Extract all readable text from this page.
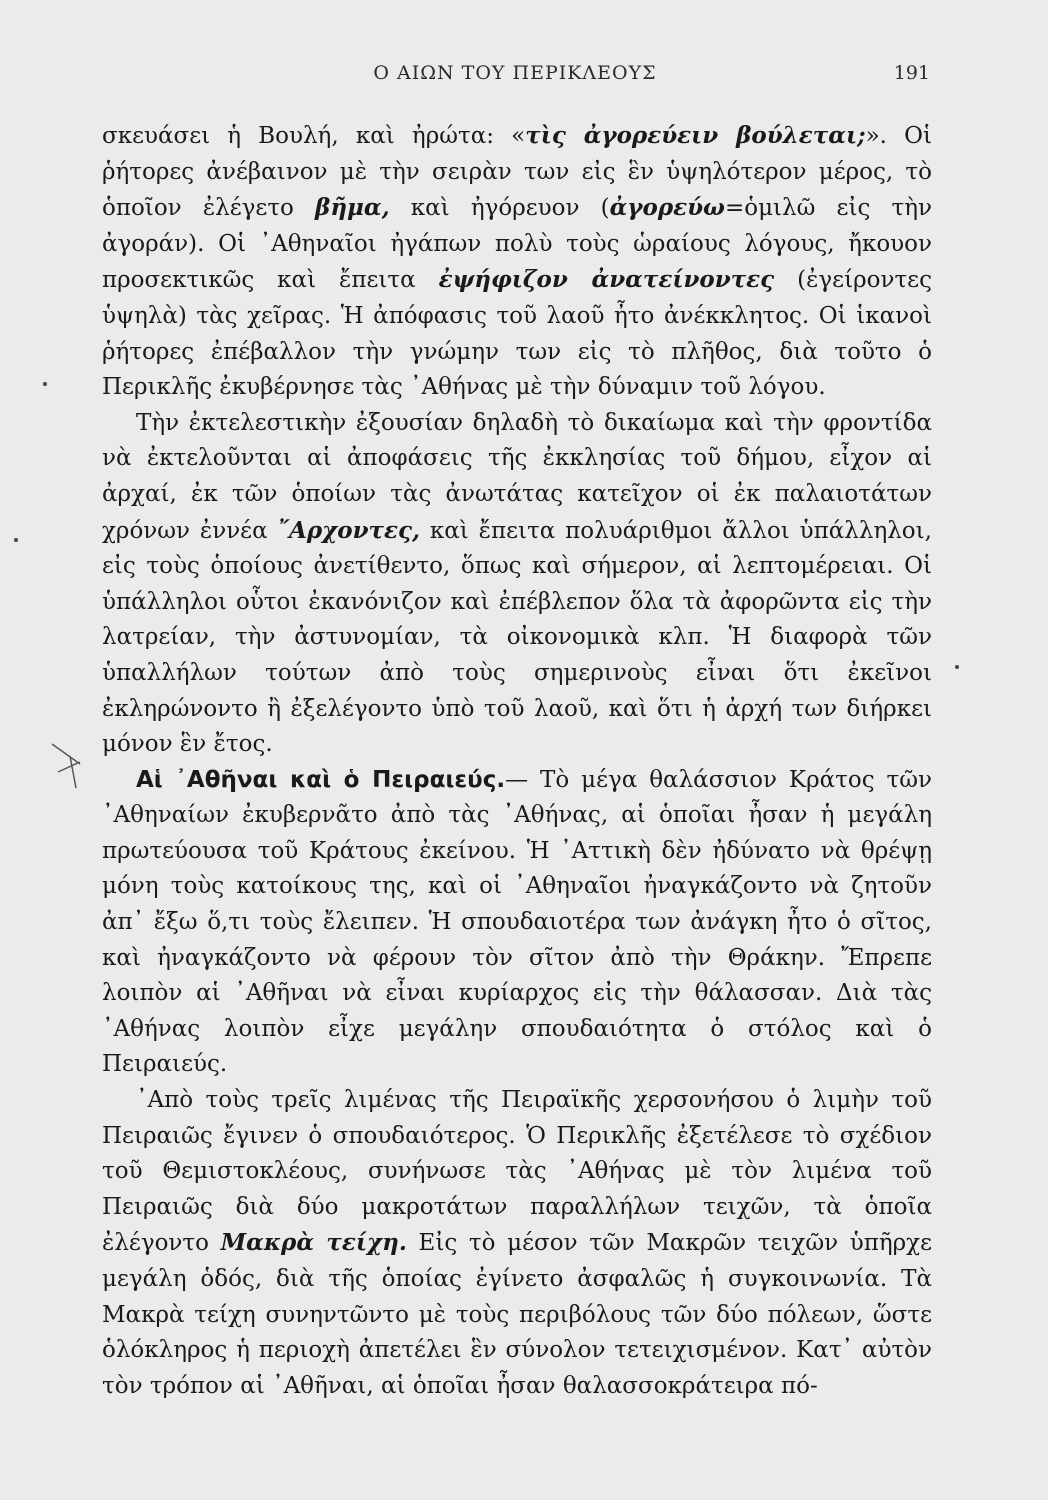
Ο ΑΙΩΝ ΤΟΥ ΠΕΡΙΚΛΕΟΥΣ	191

σκευάσει ἡ Βουλή, καὶ ἠρώτα: «τὶς ἀγορεύειν βούλεται;». Οἱ ῥήτορες ἀνέβαινον μὲ τὴν σειρὰν των εἰς ἓν ὑψηλότερον μέρος, τὸ ὁποῖον ἐλέγετο βῆμα, καὶ ἠγόρευον (ἀγορεύω=ὁμιλῶ εἰς τὴν ἀγοράν). Οἱ ᾿Αθηναῖοι ἠγάπων πολὺ τοὺς ὡραίους λόγους, ἤκουον προσεκτικῶς καὶ ἔπειτα ἐψήφιζον ἀνατείνοντες (ἐγείροντες ὑψηλὰ) τὰς χεῖρας. Ἡ ἀπόφασις τοῦ λαοῦ ἦτο ἀνέκκλητος. Οἱ ἱκανοὶ ῥήτορες ἐπέβαλλον τὴν γνώμην των εἰς τὸ πλῆθος, διὰ τοῦτο ὁ Περικλῆς ἐκυβέρνησε τὰς ᾿Αθήνας μὲ τὴν δύναμιν τοῦ λόγου.

Τὴν ἐκτελεστικὴν ἐξουσίαν δηλαδὴ τὸ δικαίωμα καὶ τὴν φροντίδα νὰ ἐκτελοῦνται αἱ ἀποφάσεις τῆς ἐκκλησίας τοῦ δήμου, εἶχον αἱ ἀρχαί, ἐκ τῶν ὁποίων τὰς ἀνωτάτας κατεῖχον οἱ ἐκ παλαιοτάτων χρόνων ἐννέα ῎Αρχοντες, καὶ ἔπειτα πολυάριθμοι ἄλλοι ὑπάλληλοι, εἰς τοὺς ὁποίους ἀνετίθεντο, ὅπως καὶ σήμερον, αἱ λεπτομέρειαι. Οἱ ὑπάλληλοι οὗτοι ἐκανόνιζον καὶ ἐπέβλεπον ὅλα τὰ ἀφορῶντα εἰς τὴν λατρείαν, τὴν ἀστυνομίαν, τὰ οἰκονομικὰ κλπ. Ἡ διαφορὰ τῶν ὑπαλλήλων τούτων ἀπὸ τοὺς σημερινοὺς εἶναι ὅτι ἐκεῖνοι ἐκληρώνοντο ἢ ἐξελέγοντο ὑπὸ τοῦ λαοῦ, καὶ ὅτι ἡ ἀρχή των διήρκει μόνον ἓν ἔτος.

Αἱ ᾿Αθῆναι καὶ ὁ Πειραιεύς.— Τὸ μέγα θαλάσσιον Κράτος τῶν ᾿Αθηναίων ἐκυβερνᾶτο ἀπὸ τὰς ᾿Αθήνας, αἱ ὁποῖαι ἦσαν ἡ μεγάλη πρωτεύουσα τοῦ Κράτους ἐκείνου. Ἡ ᾿Αττικὴ δὲν ἠδύνατο νὰ θρέψῃ μόνη τοὺς κατοίκους της, καὶ οἱ ᾿Αθηναῖοι ἠναγκάζοντο νὰ ζητοῦν ἀπ᾿ ἔξω ὅ,τι τοὺς ἔλειπεν. Ἡ σπουδαιοτέρα των ἀνάγκη ἦτο ὁ σῖτος, καὶ ἠναγκάζοντο νὰ φέρουν τὸν σῖτον ἀπὸ τὴν Θράκην. Ἔπρεπε λοιπὸν αἱ ᾿Αθῆναι νὰ εἶναι κυρίαρχος εἰς τὴν θάλασσαν. Διὰ τὰς ᾿Αθήνας λοιπὸν εἶχε μεγάλην σπουδαιότητα ὁ στόλος καὶ ὁ Πειραιεύς.

᾿Απὸ τοὺς τρεῖς λιμένας τῆς Πειραϊκῆς χερσονήσου ὁ λιμὴν τοῦ Πειραιῶς ἔγινεν ὁ σπουδαιότερος. Ὁ Περικλῆς ἐξετέλεσε τὸ σχέδιον τοῦ Θεμιστοκλέους, συνήνωσε τὰς ᾿Αθήνας μὲ τὸν λιμένα τοῦ Πειραιῶς διὰ δύο μακροτάτων παραλλήλων τειχῶν, τὰ ὁποῖα ἐλέγοντο Μακρὰ τείχη. Εἰς τὸ μέσον τῶν Μακρῶν τειχῶν ὑπῆρχε μεγάλη ὁδός, διὰ τῆς ὁποίας ἐγίνετο ἀσφαλῶς ἡ συγκοινωνία. Τὰ Μακρὰ τείχη συνηντῶντο μὲ τοὺς περιβόλους τῶν δύο πόλεων, ὥστε ὁλόκληρος ἡ περιοχὴ ἀπετέλει ἓν σύνολον τετειχισμένον. Κατ᾿ αὐτὸν τὸν τρόπον αἱ ᾿Αθῆναι, αἱ ὁποῖαι ἦσαν θαλασσοκράτειρα πό-
